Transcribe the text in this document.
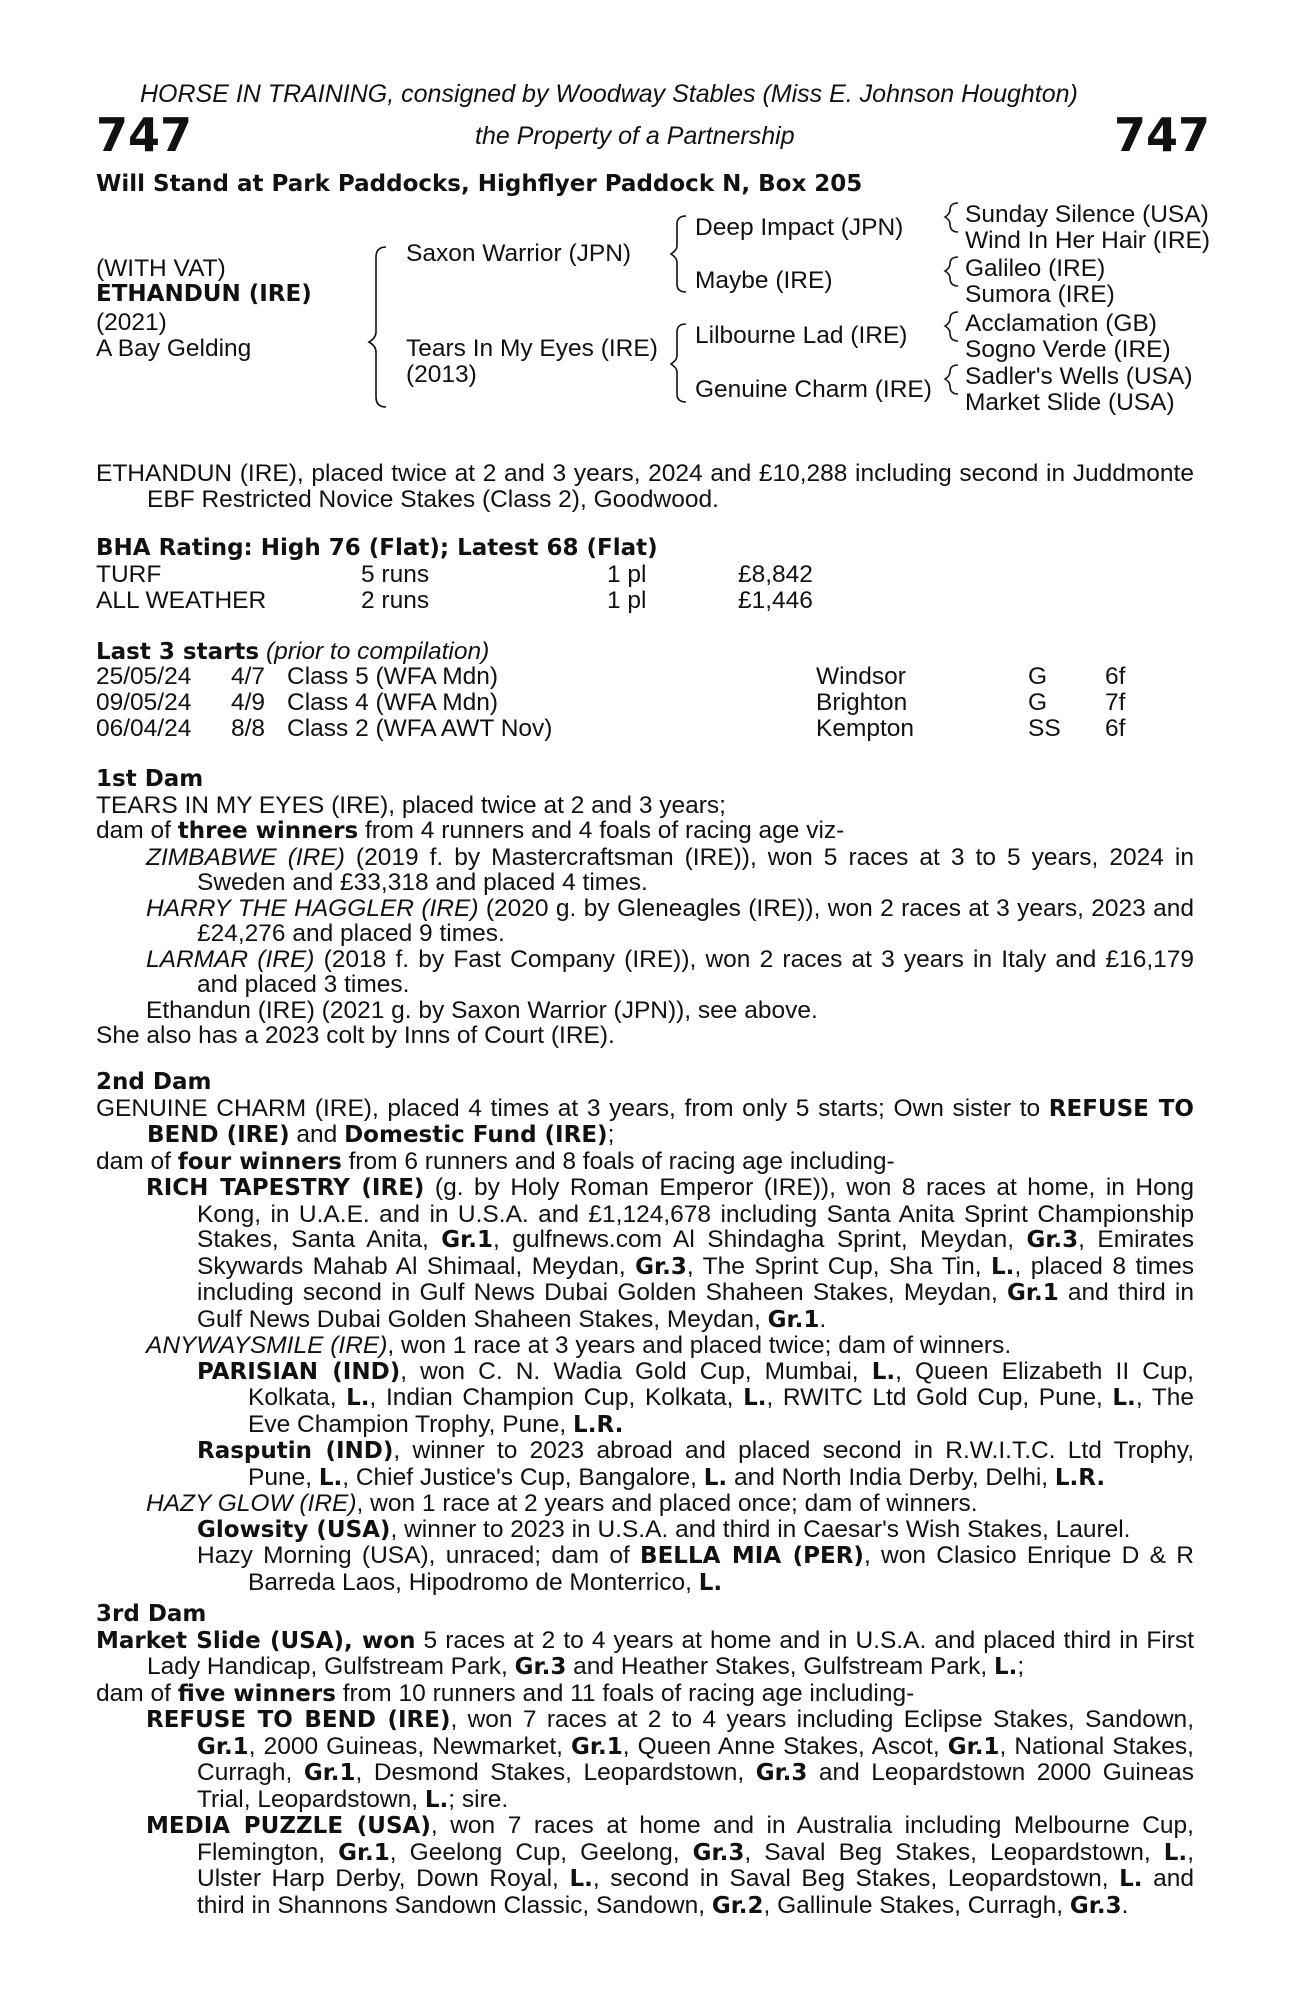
HORSE IN TRAINING, consigned by Woodway Stables (Miss E. Johnson Houghton)
747	the Property of a Partnership	747
Will Stand at Park Paddocks, Highflyer Paddock N, Box 205
(WITH VAT)
ETHANDUN (IRE)
(2021)
A Bay Gelding
Saxon Warrior (JPN)
Tears In My Eyes (IRE)
(2013)
Deep Impact (JPN)
Maybe (IRE)
Lilbourne Lad (IRE)
Genuine Charm (IRE)
Sunday Silence (USA)
Wind In Her Hair (IRE)
Galileo (IRE)
Sumora (IRE)
Acclamation (GB)
Sogno Verde (IRE)
Sadler's Wells (USA)
Market Slide (USA)

ETHANDUN (IRE), placed twice at 2 and 3 years, 2024 and £10,288 including second in Juddmonte EBF Restricted Novice Stakes (Class 2), Goodwood.

BHA Rating: High 76 (Flat); Latest 68 (Flat)
TURF	5 runs	1 pl	£8,842
ALL WEATHER	2 runs	1 pl	£1,446
Last 3 starts (prior to compilation)
25/05/24 4/7 Class 5 (WFA Mdn)	Windsor	G 6f
09/05/24 4/9 Class 4 (WFA Mdn)	Brighton	G 7f
06/04/24 8/8 Class 2 (WFA AWT Nov)	Kempton	SS 6f

1st Dam

TEARS IN MY EYES (IRE), placed twice at 2 and 3 years;

dam of three winners from 4 runners and 4 foals of racing age viz-

ZIMBABWE (IRE) (2019 f. by Mastercraftsman (IRE)), won 5 races at 3 to 5 years, 2024 in Sweden and £33,318 and placed 4 times.

HARRY THE HAGGLER (IRE) (2020 g. by Gleneagles (IRE)), won 2 races at 3 years, 2023 and £24,276 and placed 9 times.

LARMAR (IRE) (2018 f. by Fast Company (IRE)), won 2 races at 3 years in Italy and £16,179 and placed 3 times.

Ethandun (IRE) (2021 g. by Saxon Warrior (JPN)), see above.

She also has a 2023 colt by Inns of Court (IRE).

2nd Dam

GENUINE CHARM (IRE), placed 4 times at 3 years, from only 5 starts; Own sister to REFUSE TO BEND (IRE) and Domestic Fund (IRE);

dam of four winners from 6 runners and 8 foals of racing age including-

RICH TAPESTRY (IRE) (g. by Holy Roman Emperor (IRE)), won 8 races at home, in Hong Kong, in U.A.E. and in U.S.A. and £1,124,678 including Santa Anita Sprint Championship Stakes, Santa Anita, Gr.1, gulfnews.com Al Shindagha Sprint, Meydan, Gr.3, Emirates Skywards Mahab Al Shimaal, Meydan, Gr.3, The Sprint Cup, Sha Tin, L., placed 8 times including second in Gulf News Dubai Golden Shaheen Stakes, Meydan, Gr.1 and third in Gulf News Dubai Golden Shaheen Stakes, Meydan, Gr.1.

ANYWAYSMILE (IRE), won 1 race at 3 years and placed twice; dam of winners.

PARISIAN (IND), won C. N. Wadia Gold Cup, Mumbai, L., Queen Elizabeth II Cup, Kolkata, L., Indian Champion Cup, Kolkata, L., RWITC Ltd Gold Cup, Pune, L., The Eve Champion Trophy, Pune, L.R.

Rasputin (IND), winner to 2023 abroad and placed second in R.W.I.T.C. Ltd Trophy, Pune, L., Chief Justice's Cup, Bangalore, L. and North India Derby, Delhi, L.R.

HAZY GLOW (IRE), won 1 race at 2 years and placed once; dam of winners.

Glowsity (USA), winner to 2023 in U.S.A. and third in Caesar's Wish Stakes, Laurel.

Hazy Morning (USA), unraced; dam of BELLA MIA (PER), won Clasico Enrique D & R Barreda Laos, Hipodromo de Monterrico, L.

3rd Dam

Market Slide (USA), won 5 races at 2 to 4 years at home and in U.S.A. and placed third in First Lady Handicap, Gulfstream Park, Gr.3 and Heather Stakes, Gulfstream Park, L.;

dam of five winners from 10 runners and 11 foals of racing age including-

REFUSE TO BEND (IRE), won 7 races at 2 to 4 years including Eclipse Stakes, Sandown, Gr.1, 2000 Guineas, Newmarket, Gr.1, Queen Anne Stakes, Ascot, Gr.1, National Stakes, Curragh, Gr.1, Desmond Stakes, Leopardstown, Gr.3 and Leopardstown 2000 Guineas Trial, Leopardstown, L.; sire.

MEDIA PUZZLE (USA), won 7 races at home and in Australia including Melbourne Cup, Flemington, Gr.1, Geelong Cup, Geelong, Gr.3, Saval Beg Stakes, Leopardstown, L., Ulster Harp Derby, Down Royal, L., second in Saval Beg Stakes, Leopardstown, L. and third in Shannons Sandown Classic, Sandown, Gr.2, Gallinule Stakes, Curragh, Gr.3.
